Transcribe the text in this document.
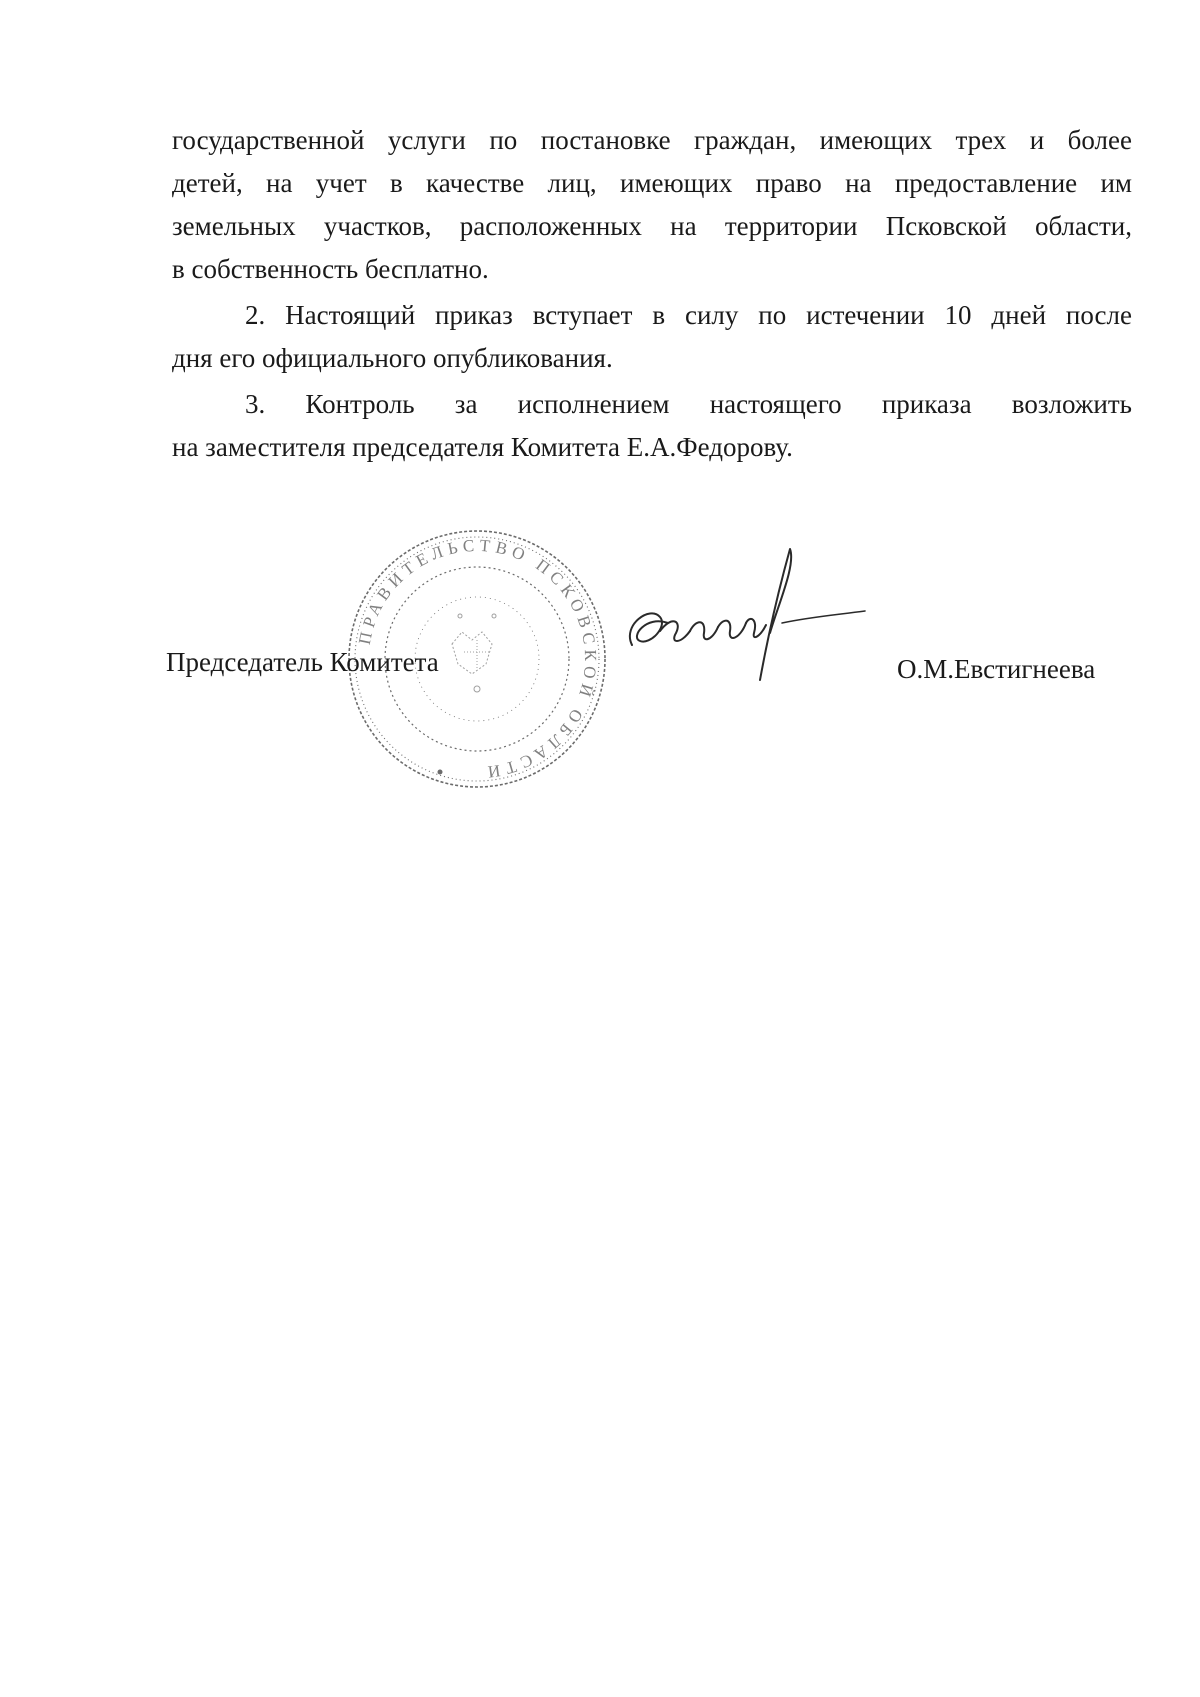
государственной услуги по постановке граждан, имеющих трех и более
детей, на учет в качестве лиц, имеющих право на предоставление им
земельных участков, расположенных на территории Псковской области,
в собственность бесплатно.
2. Настоящий приказ вступает в силу по истечении 10 дней после
дня его официального опубликования.
3. Контроль за исполнением настоящего приказа возложить
на заместителя председателя Комитета Е.А.Федорову.
ПРАВИТЕЛЬСТВО ПСКОВСКОЙ ОБЛАСТИ
Председатель Комитета	О.М.Евстигнеева
